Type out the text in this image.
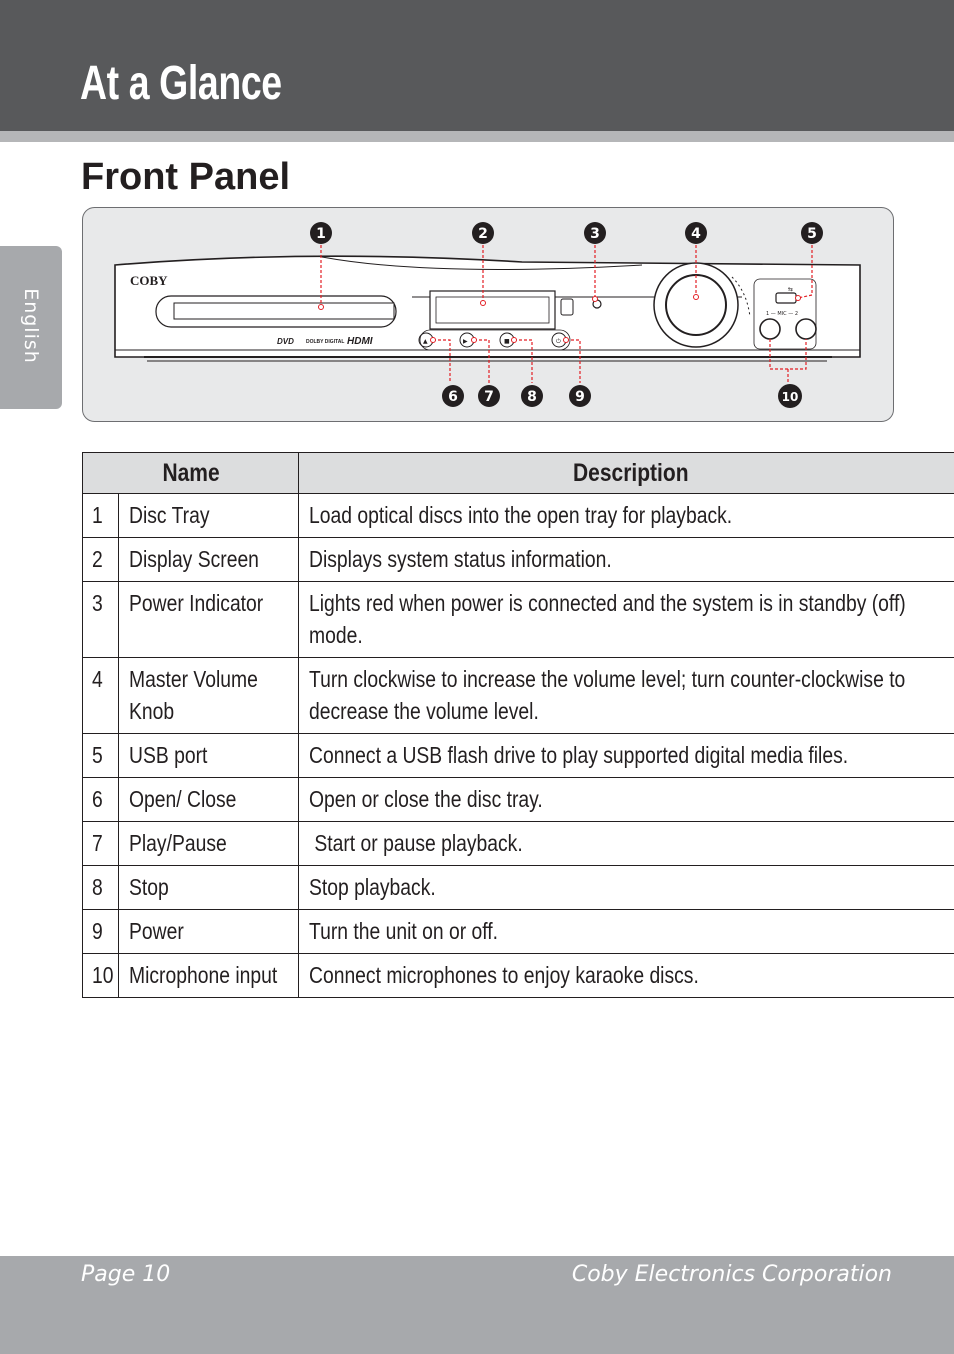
At a Glance
English
Front Panel
COBY
⇆
1 — MIC — 2
▲	▶	■	⏻
DVD DOLBY DIGITAL HDMI
1	2	3	4	5
6 7 8	9	10
Name		Description
1	Disc Tray	Load optical discs into the open tray for playback.
2	Display Screen	Displays system status information.
3	Power Indicator	Lights red when power is connected and the system is in standby (off) mode.

4	Master Volume Knob	Turn clockwise to increase the volume level; turn counter-clockwise to decrease the volume level.

5	USB port	Connect a USB flash drive to play supported digital media files.
6	Open/ Close	Open or close the disc tray.
7	Play/Pause	Start or pause playback.
8	Stop	Stop playback.
9	Power	Turn the unit on or off.
10	Microphone input	Connect microphones to enjoy karaoke discs.
Page 10	Coby Electronics Corporation
